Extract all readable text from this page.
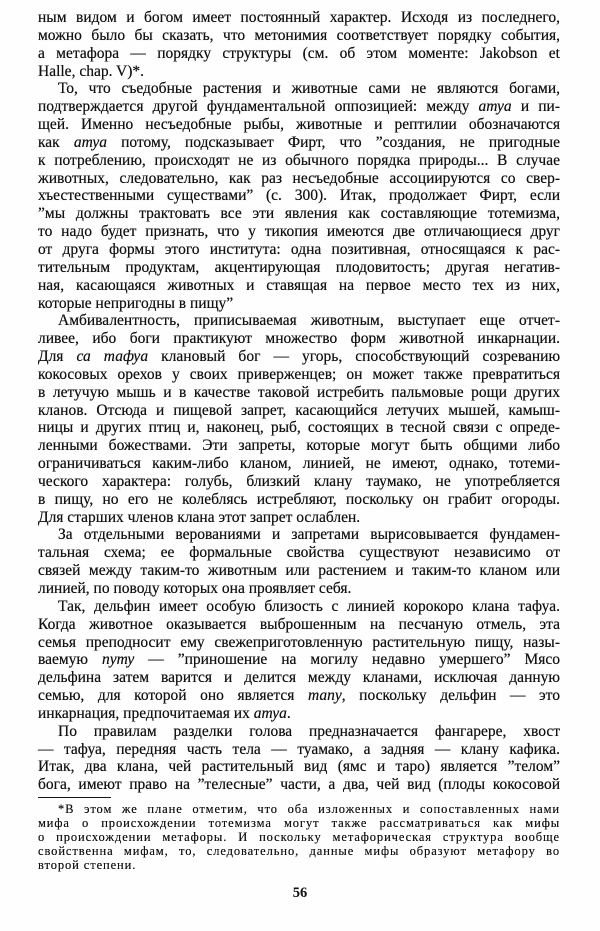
ным видом и богом имеет постоянный характер. Исходя из последнего,
можно было бы сказать, что метонимия соответствует порядку события,
а метафора — порядку структуры (см. об этом моменте: Jakobson et
Halle, chap. V)*.
То, что съедобные растения и животные сами не являются богами,
подтверждается другой фундаментальной оппозицией: между атуа и пи-
щей. Именно несъедобные рыбы, животные и рептилии обозначаются
как атуа потому, подсказывает Фирт, что ”создания, не пригодные
к потреблению, происходят не из обычного порядка природы... В случае
животных, следовательно, как раз несъедобные ассоциируются со свер-
хъестественными существами” (с. 300). Итак, продолжает Фирт, если
”мы должны трактовать все эти явления как составляющие тотемизма,
то надо будет признать, что у тикопия имеются две отличающиеся друг
от друга формы этого института: одна позитивная, относящаяся к рас-
тительным продуктам, акцентирующая плодовитость; другая негатив-
ная, касающаяся животных и ставящая на первое место тех из них,
которые непригодны в пищу”
Амбивалентность, приписываемая животным, выступает еще отчет-
ливее, ибо боги практикуют множество форм животной инкарнации.
Для са тафуа клановый бог — угорь, способствующий созреванию
кокосовых орехов у своих приверженцев; он может также превратиться
в летучую мышь и в качестве таковой истребить пальмовые рощи других
кланов. Отсюда и пищевой запрет, касающийся летучих мышей, камыш-
ницы и других птиц и, наконец, рыб, состоящих в тесной связи с опреде-
ленными божествами. Эти запреты, которые могут быть общими либо
ограничиваться каким-либо кланом, линией, не имеют, однако, тотеми-
ческого характера: голубь, близкий клану таумако, не употребляется
в пищу, но его не колеблясь истребляют, поскольку он грабит огороды.
Для старших членов клана этот запрет ослаблен.
За отдельными верованиями и запретами вырисовывается фундамен-
тальная схема; ее формальные свойства существуют независимо от
связей между таким-то животным или растением и таким-то кланом или
линией, по поводу которых она проявляет себя.
Так, дельфин имеет особую близость с линией корокоро клана тафуа.
Когда животное оказывается выброшенным на песчаную отмель, эта
семья преподносит ему свежеприготовленную растительную пищу, назы-
ваемую путу — ”приношение на могилу недавно умершего” Мясо
дельфина затем варится и делится между кланами, исключая данную
семью, для которой оно является тапу, поскольку дельфин — это
инкарнация, предпочитаемая их атуа.
По правилам разделки голова предназначается фангарере, хвост
— тафуа, передняя часть тела — туамако, а задняя — клану кафика.
Итак, два клана, чей растительный вид (ямс и таро) является ”телом”
бога, имеют право на ”телесные” части, а два, чей вид (плоды кокосовой
*В этом же плане отметим, что оба изложенных и сопоставленных нами
мифа о происхождении тотемизма могут также рассматриваться как мифы
о происхождении метафоры. И поскольку метафорическая структура вообще
свойственна мифам, то, следовательно, данные мифы образуют метафору во
второй степени.
56
